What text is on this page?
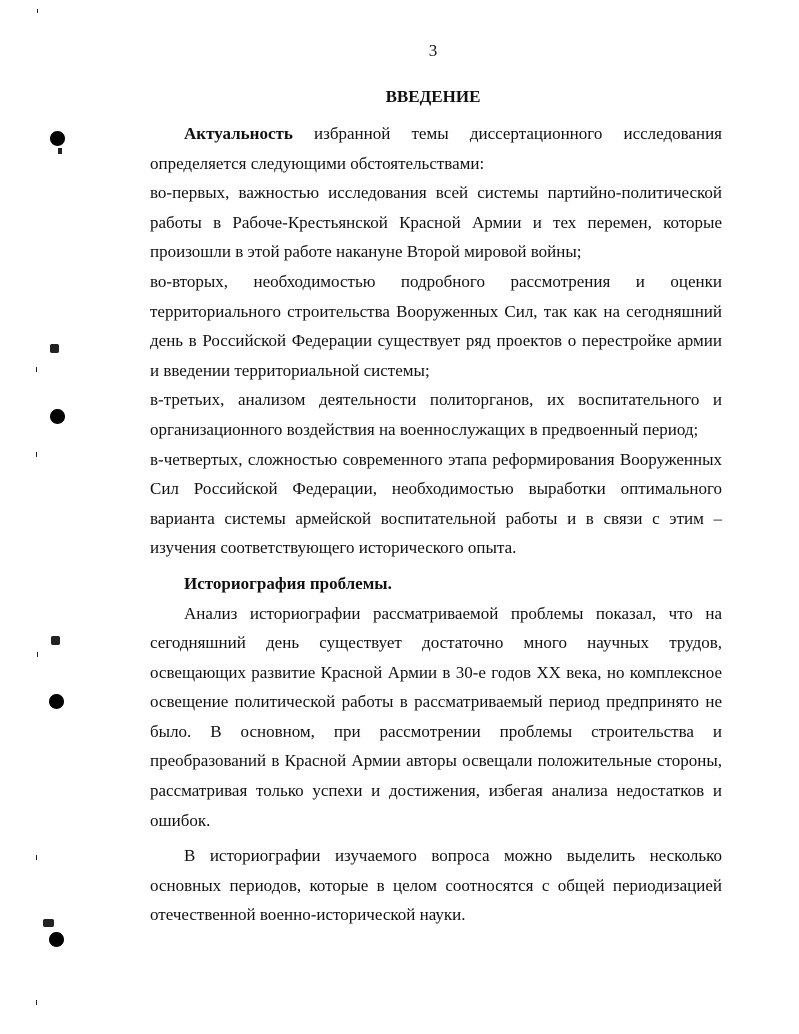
3
ВВЕДЕНИЕ

Актуальность избранной темы диссертационного исследования определяется следующими обстоятельствами:

во-первых, важностью исследования всей системы партийно-политической работы в Рабоче-Крестьянской Красной Армии и тех перемен, которые произошли в этой работе накануне Второй мировой войны;

во-вторых, необходимостью подробного рассмотрения и оценки территориального строительства Вооруженных Сил, так как на сегодняшний день в Российской Федерации существует ряд проектов о перестройке армии и введении территориальной системы;

в-третьих, анализом деятельности политорганов, их воспитательного и организационного воздействия на военнослужащих в предвоенный период;

в-четвертых, сложностью современного этапа реформирования Вооруженных Сил Российской Федерации, необходимостью выработки оптимального варианта системы армейской воспитательной работы и в связи с этим – изучения соответствующего исторического опыта.

Историография проблемы.

Анализ историографии рассматриваемой проблемы показал, что на сегодняшний день существует достаточно много научных трудов, освещающих развитие Красной Армии в 30-е годов XX века, но комплексное освещение политической работы в рассматриваемый период предпринято не было. В основном, при рассмотрении проблемы строительства и преобразований в Красной Армии авторы освещали положительные стороны, рассматривая только успехи и достижения, избегая анализа недостатков и ошибок.

В историографии изучаемого вопроса можно выделить несколько основных периодов, которые в целом соотносятся с общей периодизацией отечественной военно-исторической науки.
